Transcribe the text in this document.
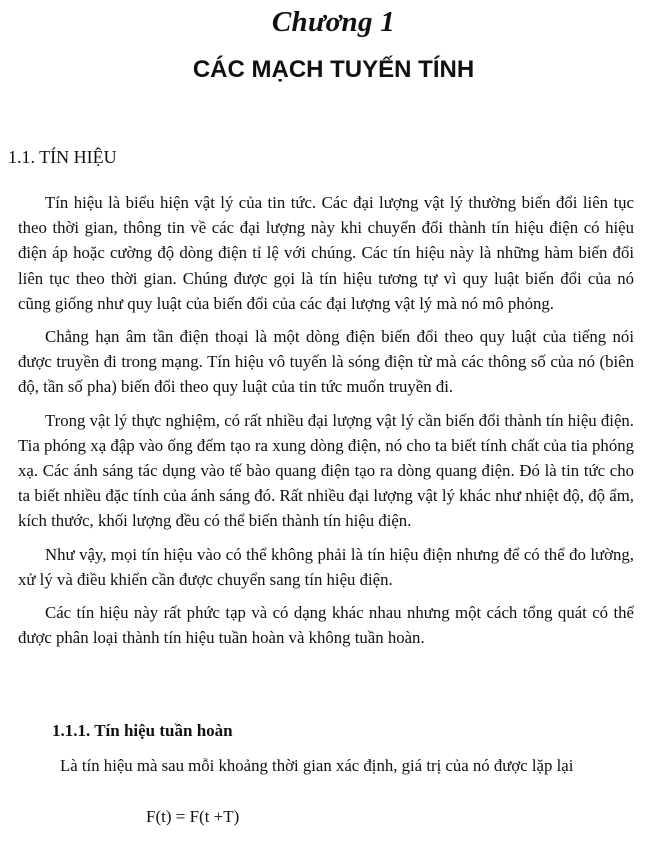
Chương 1
CÁC MẠCH TUYẾN TÍNH
1.1. TÍN HIỆU

Tín hiệu là biểu hiện vật lý của tin tức. Các đại lượng vật lý thường biến đổi liên tục theo thời gian, thông tin về các đại lượng này khi chuyển đổi thành tín hiệu điện có hiệu điện áp hoặc cường độ dòng điện tỉ lệ với chúng. Các tín hiệu này là những hàm biến đổi liên tục theo thời gian. Chúng được gọi là tín hiệu tương tự vì quy luật biến đổi của nó cũng giống như quy luật của biến đổi của các đại lượng vật lý mà nó mô phỏng.

Chẳng hạn âm tần điện thoại là một dòng điện biến đổi theo quy luật của tiếng nói được truyền đi trong mạng. Tín hiệu vô tuyến là sóng điện từ mà các thông số của nó (biên độ, tần số pha) biến đổi theo quy luật của tin tức muốn truyền đi.

Trong vật lý thực nghiệm, có rất nhiều đại lượng vật lý cần biến đổi thành tín hiệu điện. Tia phóng xạ đập vào ống đếm tạo ra xung dòng điện, nó cho ta biết tính chất của tia phóng xạ. Các ánh sáng tác dụng vào tế bào quang điện tạo ra dòng quang điện. Đó là tin tức cho ta biết nhiều đặc tính của ánh sáng đó. Rất nhiều đại lượng vật lý khác như nhiệt độ, độ ẩm, kích thước, khối lượng đều có thể biến thành tín hiệu điện.

Như vậy, mọi tín hiệu vào có thể không phải là tín hiệu điện nhưng để có thể đo lường, xử lý và điều khiển cần được chuyển sang tín hiệu điện.

Các tín hiệu này rất phức tạp và có dạng khác nhau nhưng một cách tổng quát có thể được phân loại thành tín hiệu tuần hoàn và không tuần hoàn.

1.1.1. Tín hiệu tuần hoàn

Là tín hiệu mà sau mỗi khoảng thời gian xác định, giá trị của nó được lặp lại

F(t) = F(t +T)
